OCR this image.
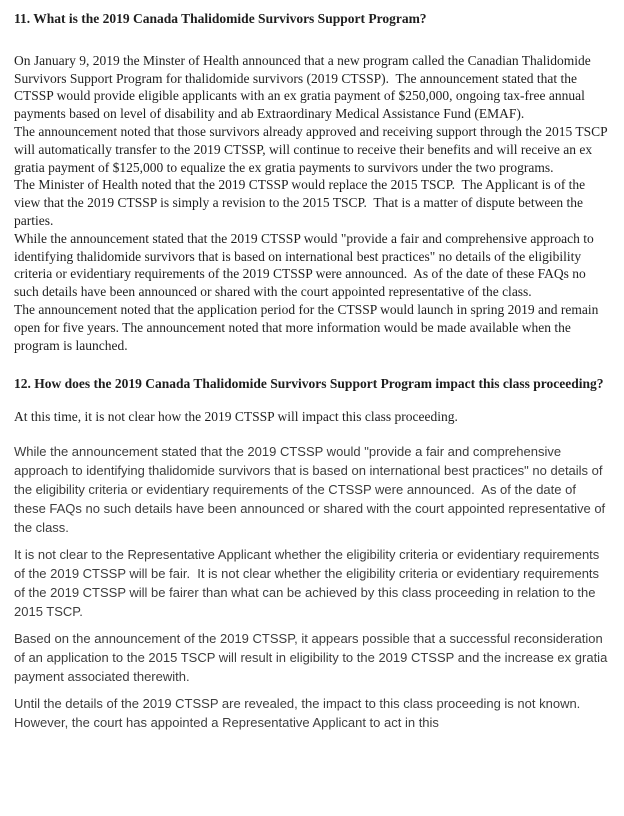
11. What is the 2019 Canada Thalidomide Survivors Support Program?

On January 9, 2019 the Minster of Health announced that a new program called the Canadian Thalidomide Survivors Support Program for thalidomide survivors (2019 CTSSP).  The announcement stated that the CTSSP would provide eligible applicants with an ex gratia payment of $250,000, ongoing tax-free annual payments based on level of disability and ab Extraordinary Medical Assistance Fund (EMAF).

The announcement noted that those survivors already approved and receiving support through the 2015 TSCP will automatically transfer to the 2019 CTSSP, will continue to receive their benefits and will receive an ex gratia payment of $125,000 to equalize the ex gratia payments to survivors under the two programs.

The Minister of Health noted that the 2019 CTSSP would replace the 2015 TSCP.  The Applicant is of the view that the 2019 CTSSP is simply a revision to the 2015 TSCP.  That is a matter of dispute between the parties.

While the announcement stated that the 2019 CTSSP would "provide a fair and comprehensive approach to identifying thalidomide survivors that is based on international best practices" no details of the eligibility criteria or evidentiary requirements of the 2019 CTSSP were announced.  As of the date of these FAQs no such details have been announced or shared with the court appointed representative of the class.

The announcement noted that the application period for the CTSSP would launch in spring 2019 and remain open for five years. The announcement noted that more information would be made available when the program is launched.

12. How does the 2019 Canada Thalidomide Survivors Support Program impact this class proceeding?

At this time, it is not clear how the 2019 CTSSP will impact this class proceeding.

While the announcement stated that the 2019 CTSSP would "provide a fair and comprehensive approach to identifying thalidomide survivors that is based on international best practices" no details of the eligibility criteria or evidentiary requirements of the CTSSP were announced.  As of the date of these FAQs no such details have been announced or shared with the court appointed representative of the class.

It is not clear to the Representative Applicant whether the eligibility criteria or evidentiary requirements of the 2019 CTSSP will be fair.  It is not clear whether the eligibility criteria or evidentiary requirements of the 2019 CTSSP will be fairer than what can be achieved by this class proceeding in relation to the 2015 TSCP.

Based on the announcement of the 2019 CTSSP, it appears possible that a successful reconsideration of an application to the 2015 TSCP will result in eligibility to the 2019 CTSSP and the increase ex gratia payment associated therewith.

Until the details of the 2019 CTSSP are revealed, the impact to this class proceeding is not known.  However, the court has appointed a Representative Applicant to act in this
